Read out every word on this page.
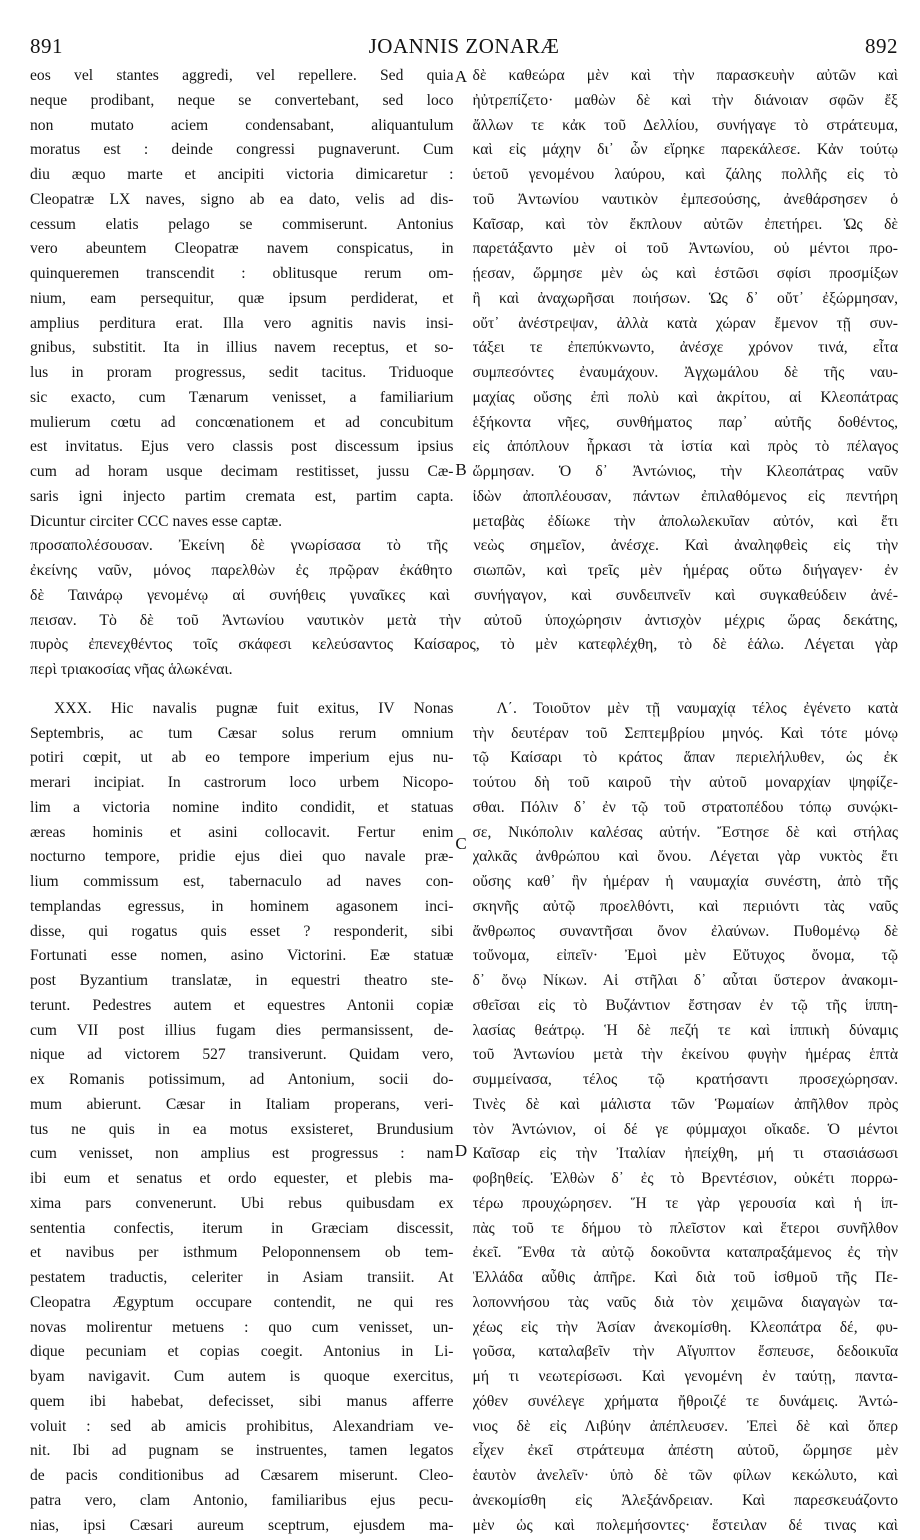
891	JOANNIS ZONARÆ	892
eos vel stantes aggredi, vel repellere. Sed quia
neque prodibant, neque se convertebant, sed loco
non mutato aciem condensabant, aliquantulum
moratus est : deinde congressi pugnaverunt. Cum
diu æquo marte et ancipiti victoria dimicaretur :
Cleopatræ LX naves, signo ab ea dato, velis ad dis-
cessum elatis pelago se commiserunt. Antonius
vero abeuntem Cleopatræ navem conspicatus, in
quinqueremen transcendit : oblitusque rerum om-
nium, eam persequitur, quæ ipsum perdiderat, et
amplius perditura erat. Illa vero agnitis navis insi-
gnibus, substitit. Ita in illius navem receptus, et so-
lus in proram progressus, sedit tacitus. Triduoque
sic exacto, cum Tænarum venisset, a familiarium
mulierum cœtu ad concœnationem et ad concubitum
est invitatus. Ejus vero classis post discessum ipsius
cum ad horam usque decimam restitisset, jussu Cæ-
saris igni injecto partim cremata est, partim capta.
Dicuntur circiter CCC naves esse captæ.
δὲ καθεώρα μὲν καὶ τὴν παρασκευὴν αὐτῶν καὶ
ἠὐτρεπίζετο· μαθὼν δὲ καὶ τὴν διάνοιαν σφῶν ἔξ
ἄλλων τε κἀκ τοῦ Δελλίου, συνήγαγε τὸ στράτευμα,
καὶ εἰς μάχην δι᾽ ὧν εἴρηκε παρεκάλεσε. Κἀν τούτῳ
ὑετοῦ γενομένου λαύρου, καὶ ζάλης πολλῆς εἰς τὸ
τοῦ Ἀντωνίου ναυτικὸν ἐμπεσούσης, ἀνεθάρσησεν ὁ
Καῖσαρ, καὶ τὸν ἔκπλουν αὐτῶν ἐπετήρει. Ὡς δὲ
παρετάξαντο μὲν οἱ τοῦ Ἀντωνίου, οὐ μέντοι προ-
ῄεσαν, ὥρμησε μὲν ὡς καὶ ἑστῶσι σφίσι προσμίξων
ἢ καὶ ἀναχωρῆσαι ποιήσων. Ὡς δ᾽ οὔτ᾽ ἐξώρμησαν,
οὔτ᾽ ἀνέστρεψαν, ἀλλὰ κατὰ χώραν ἔμενον τῇ συν-
τάξει τε ἐπεπύκνωντο, ἀνέσχε χρόνον τινά, εἶτα
συμπεσόντες ἐναυμάχουν. Ἀγχωμάλου δὲ τῆς ναυ-
μαχίας οὔσης ἐπὶ πολὺ καὶ ἀκρίτου, αἱ Κλεοπάτρας
ἑξήκοντα νῆες, συνθήματος παρ᾽ αὐτῆς δοθέντος,
εἰς ἀπόπλουν ἦρκασι τὰ ἱστία καὶ πρὸς τὸ πέλαγος
ὥρμησαν. Ὁ δ᾽ Ἀντώνιος, τὴν Κλεοπάτρας ναῦν
ἰδὼν ἀποπλέουσαν, πάντων ἐπιλαθόμενος εἰς πεντήρη
μεταβὰς ἐδίωκε τὴν ἀπολωλεκυῖαν αὐτόν, καὶ ἔτι
A
B
προσαπολέσουσαν. Ἐκείνη δὲ γνωρίσασα τὸ τῆς νεὼς σημεῖον, ἀνέσχε. Καὶ ἀναληφθεὶς εἰς τὴν
ἐκείνης ναῦν, μόνος παρελθὼν ἐς πρῷραν ἐκάθητο σιωπῶν, καὶ τρεῖς μὲν ἡμέρας οὕτω διήγαγεν· ἐν
δὲ Ταινάρῳ γενομένῳ αἱ συνήθεις γυναῖκες καὶ συνήγαγον, καὶ συνδειπνεῖν καὶ συγκαθεύδειν ἀνέ-
πεισαν. Τὸ δὲ τοῦ Ἀντωνίου ναυτικὸν μετὰ τὴν αὐτοῦ ὑποχώρησιν ἀντισχὸν μέχρις ὥρας δεκάτης,
πυρὸς ἐπενεχθέντος τοῖς σκάφεσι κελεύσαντος Καίσαρος, τὸ μὲν κατεφλέχθη, τὸ δὲ ἑάλω. Λέγεται γὰρ
περὶ τριακοσίας νῆας ἁλωκέναι.
XXX. Hic navalis pugnæ fuit exitus, IV Nonas
Septembris, ac tum Cæsar solus rerum omnium
potiri cœpit, ut ab eo tempore imperium ejus nu-
merari incipiat. In castrorum loco urbem Nicopo-
lim a victoria nomine indito condidit, et statuas
æreas hominis et asini collocavit. Fertur enim
nocturno tempore, pridie ejus diei quo navale præ-
lium commissum est, tabernaculo ad naves con-
templandas egressus, in hominem agasonem inci-
disse, qui rogatus quis esset ? responderit, sibi
Fortunati esse nomen, asino Victorini. Eæ statuæ
post Byzantium translatæ, in equestri theatro ste-
terunt. Pedestres autem et equestres Antonii copiæ
cum VII post illius fugam dies permansissent, de-
nique ad victorem 527 transiverunt. Quidam vero,
ex Romanis potissimum, ad Antonium, socii do-
mum abierunt. Cæsar in Italiam properans, veri-
tus ne quis in ea motus exsisteret, Brundusium
cum venisset, non amplius est progressus : nam
ibi eum et senatus et ordo equester, et plebis ma-
xima pars convenerunt. Ubi rebus quibusdam ex
sententia confectis, iterum in Græciam discessit,
et navibus per isthmum Peloponnensem ob tem-
pestatem traductis, celeriter in Asiam transiit. At
Cleopatra Ægyptum occupare contendit, ne qui res
novas molirentur metuens : quo cum venisset, un-
dique pecuniam et copias coegit. Antonius in Li-
byam navigavit. Cum autem is quoque exercitus,
quem ibi habebat, defecisset, sibi manus afferre
voluit : sed ab amicis prohibitus, Alexandriam ve-
nit. Ibi ad pugnam se instruentes, tamen legatos
de pacis conditionibus ad Cæsarem miserunt. Cleo-
patra vero, clam Antonio, familiaribus ejus pecu-
nias, ipsi Cæsari aureum sceptrum, ejusdem ma-
Λ΄. Τοιοῦτον μὲν τῇ ναυμαχίᾳ τέλος ἐγένετο κατὰ
τὴν δευτέραν τοῦ Σεπτεμβρίου μηνός. Καὶ τότε μόνῳ
τῷ Καίσαρι τὸ κράτος ἅπαν περιελήλυθεν, ὡς ἐκ
τούτου δὴ τοῦ καιροῦ τὴν αὐτοῦ μοναρχίαν ψηφίζε-
σθαι. Πόλιν δ᾽ ἐν τῷ τοῦ στρατοπέδου τόπῳ συνῴκι-
σε, Νικόπολιν καλέσας αὐτήν. Ἔστησε δὲ καὶ στήλας
χαλκᾶς ἀνθρώπου καὶ ὄνου. Λέγεται γὰρ νυκτὸς ἔτι
οὔσης καθ᾽ ἣν ἡμέραν ἡ ναυμαχία συνέστη, ἀπὸ τῆς
σκηνῆς αὐτῷ προελθόντι, καὶ περιιόντι τὰς ναῦς
ἄνθρωπος συναντῆσαι ὄνον ἐλαύνων. Πυθομένῳ δὲ
τοὔνομα, εἰπεῖν· Ἐμοὶ μὲν Εὔτυχος ὄνομα, τῷ
δ᾽ ὄνῳ Νίκων. Αἱ στῆλαι δ᾽ αὗται ὕστερον ἀνακομι-
σθεῖσαι εἰς τὸ Βυζάντιον ἔστησαν ἐν τῷ τῆς ἱππη-
λασίας θεάτρῳ. Ἡ δὲ πεζή τε καὶ ἱππικὴ δύναμις
τοῦ Ἀντωνίου μετὰ τὴν ἐκείνου φυγὴν ἡμέρας ἑπτὰ
συμμείνασα, τέλος τῷ κρατήσαντι προσεχώρησαν.
Τινὲς δὲ καὶ μάλιστα τῶν Ῥωμαίων ἀπῆλθον πρὸς
τὸν Ἀντώνιον, οἱ δέ γε φύμμαχοι οἴκαδε. Ὁ μέντοι
Καῖσαρ εἰς τὴν Ἰταλίαν ἠπείχθη, μή τι στασιάσωσι
φοβηθείς. Ἐλθὼν δ᾽ ἐς τὸ Βρεντέσιον, οὐκέτι πορρω-
τέρω προυχώρησεν. Ἥ τε γὰρ γερουσία καὶ ἡ ἱπ-
πὰς τοῦ τε δήμου τὸ πλεῖστον καὶ ἕτεροι συνῆλθον
ἐκεῖ. Ἔνθα τὰ αὐτῷ δοκοῦντα καταπραξάμενος ἐς τὴν
Ἑλλάδα αὖθις ἀπῆρε. Καὶ διὰ τοῦ ἰσθμοῦ τῆς Πε-
λοποννήσου τὰς ναῦς διὰ τὸν χειμῶνα διαγαγὼν τα-
χέως εἰς τὴν Ἀσίαν ἀνεκομίσθη. Κλεοπάτρα δέ, φυ-
γοῦσα, καταλαβεῖν τὴν Αἴγυπτον ἔσπευσε, δεδοικυῖα
μή τι νεωτερίσωσι. Καὶ γενομένη ἐν ταύτῃ, παντα-
χόθεν συνέλεγε χρήματα ἤθροιζέ τε δυνάμεις. Ἀντώ-
νιος δὲ εἰς Λιβύην ἀπέπλευσεν. Ἐπεὶ δὲ καὶ ὅπερ
εἶχεν ἐκεῖ στράτευμα ἀπέστη αὐτοῦ, ὥρμησε μὲν
ἑαυτὸν ἀνελεῖν· ὑπὸ δὲ τῶν φίλων κεκώλυτο, καὶ
ἀνεκομίσθη εἰς Ἀλεξάνδρειαν. Καὶ παρεσκευάζοντο
μὲν ὡς καὶ πολεμήσοντες· ἔστειλαν δέ τινας καὶ
C
D
